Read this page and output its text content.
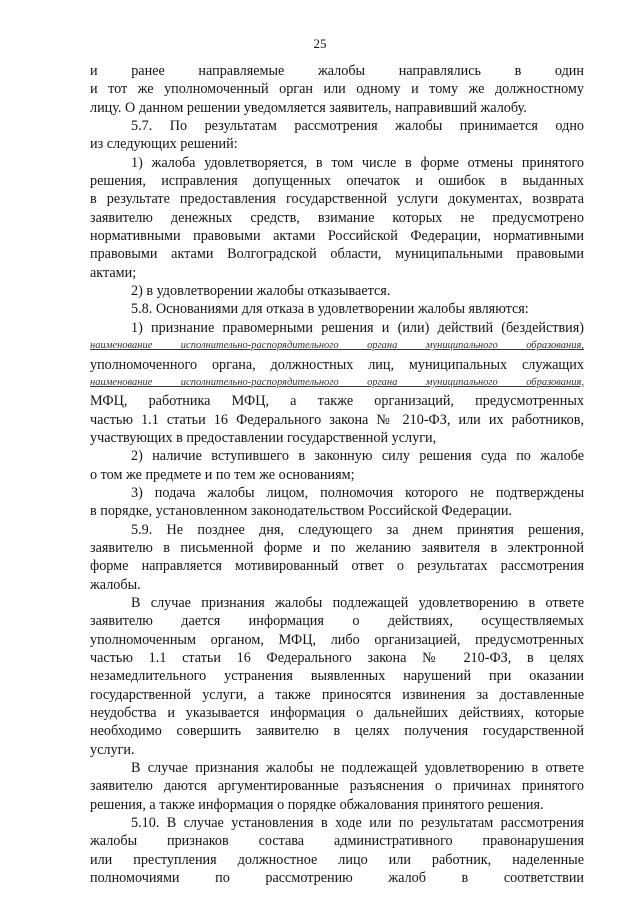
25
и ранее направляемые жалобы направлялись в один
и тот же уполномоченный орган или одному и тому же должностному
лицу. О данном решении уведомляется заявитель, направивший жалобу.
5.7. По результатам рассмотрения жалобы принимается одно
из следующих решений:
1) жалоба удовлетворяется, в том числе в форме отмены принятого
решения, исправления допущенных опечаток и ошибок в выданных
в результате предоставления государственной услуги документах, возврата
заявителю денежных средств, взимание которых не предусмотрено
нормативными правовыми актами Российской Федерации, нормативными
правовыми актами Волгоградской области, муниципальными правовыми
актами;
2) в удовлетворении жалобы отказывается.
5.8. Основаниями для отказа в удовлетворении жалобы являются:
1) признание правомерными решения и (или) действий (бездействия)
наименование исполнительно-распорядительного органа муниципального образования,
уполномоченного органа, должностных лиц, муниципальных служащих
наименование исполнительно-распорядительного органа муниципального образования,
МФЦ, работника МФЦ, а также организаций, предусмотренных
частью 1.1 статьи 16 Федерального закона № 210-ФЗ, или их работников,
участвующих в предоставлении государственной услуги,
2) наличие вступившего в законную силу решения суда по жалобе
о том же предмете и по тем же основаниям;
3) подача жалобы лицом, полномочия которого не подтверждены
в порядке, установленном законодательством Российской Федерации.
5.9. Не позднее дня, следующего за днем принятия решения,
заявителю в письменной форме и по желанию заявителя в электронной
форме направляется мотивированный ответ о результатах рассмотрения
жалобы.
В случае признания жалобы подлежащей удовлетворению в ответе
заявителю дается информация о действиях, осуществляемых
уполномоченным органом, МФЦ, либо организацией, предусмотренных
частью 1.1 статьи 16 Федерального закона № 210-ФЗ, в целях
незамедлительного устранения выявленных нарушений при оказании
государственной услуги, а также приносятся извинения за доставленные
неудобства и указывается информация о дальнейших действиях, которые
необходимо совершить заявителю в целях получения государственной
услуги.
В случае признания жалобы не подлежащей удовлетворению в ответе
заявителю даются аргументированные разъяснения о причинах принятого
решения, а также информация о порядке обжалования принятого решения.
5.10. В случае установления в ходе или по результатам рассмотрения
жалобы признаков состава административного правонарушения
или преступления должностное лицо или работник, наделенные
полномочиями по рассмотрению жалоб в соответствии
